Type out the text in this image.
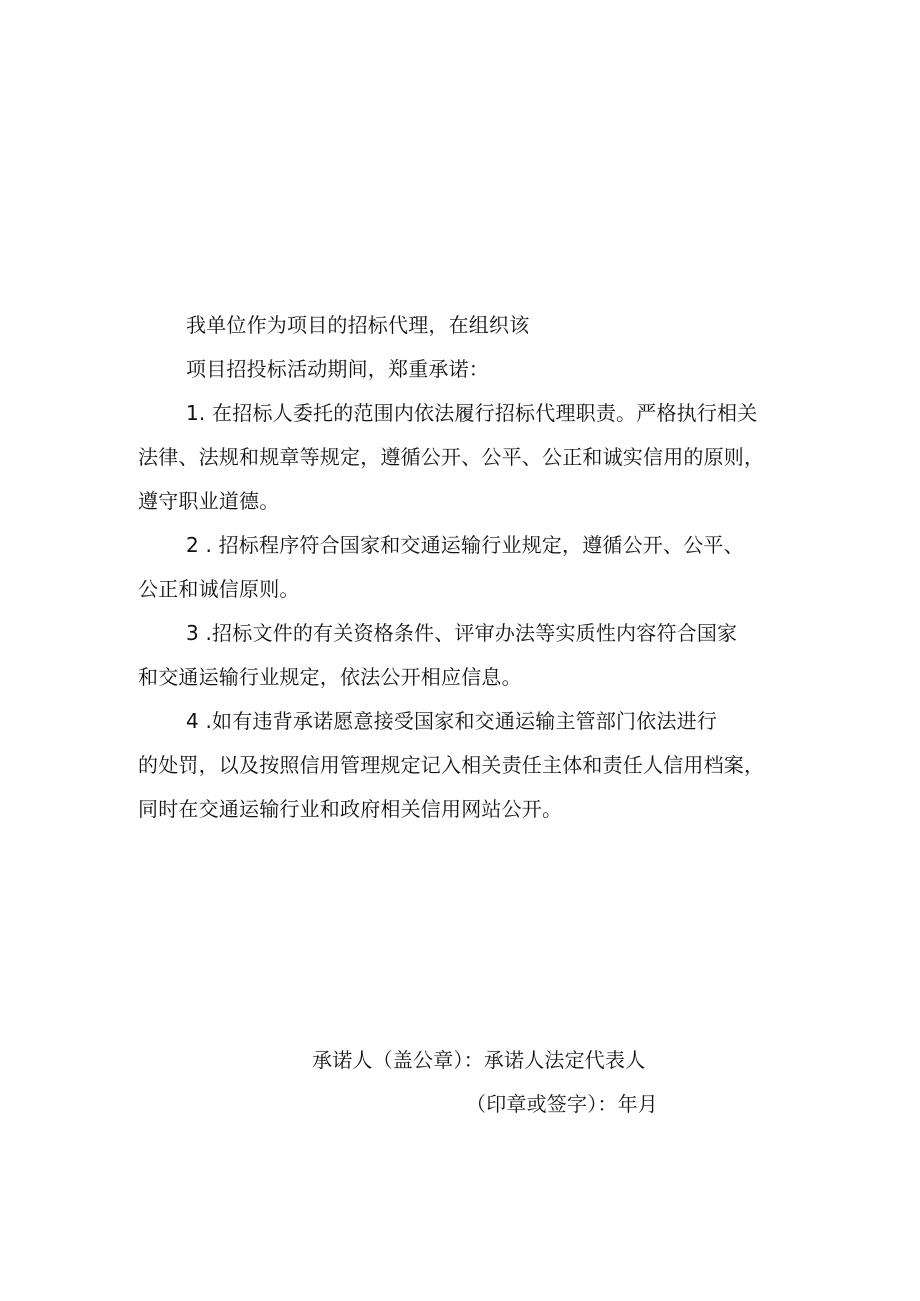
我单位作为项目的招标代理，在组织该

项目招投标活动期间，郑重承诺：

1. 在招标人委托的范围内依法履行招标代理职责。严格执行相关

法律、法规和规章等规定，遵循公开、公平、公正和诚实信用的原则，

遵守职业道德。

2 . 招标程序符合国家和交通运输行业规定，遵循公开、公平、

公正和诚信原则。

3 .招标文件的有关资格条件、评审办法等实质性内容符合国家

和交通运输行业规定，依法公开相应信息。

4 .如有违背承诺愿意接受国家和交通运输主管部门依法进行

的处罚，以及按照信用管理规定记入相关责任主体和责任人信用档案，

同时在交通运输行业和政府相关信用网站公开。

承诺人（盖公章）：承诺人法定代表人

（印章或签字）：年月
